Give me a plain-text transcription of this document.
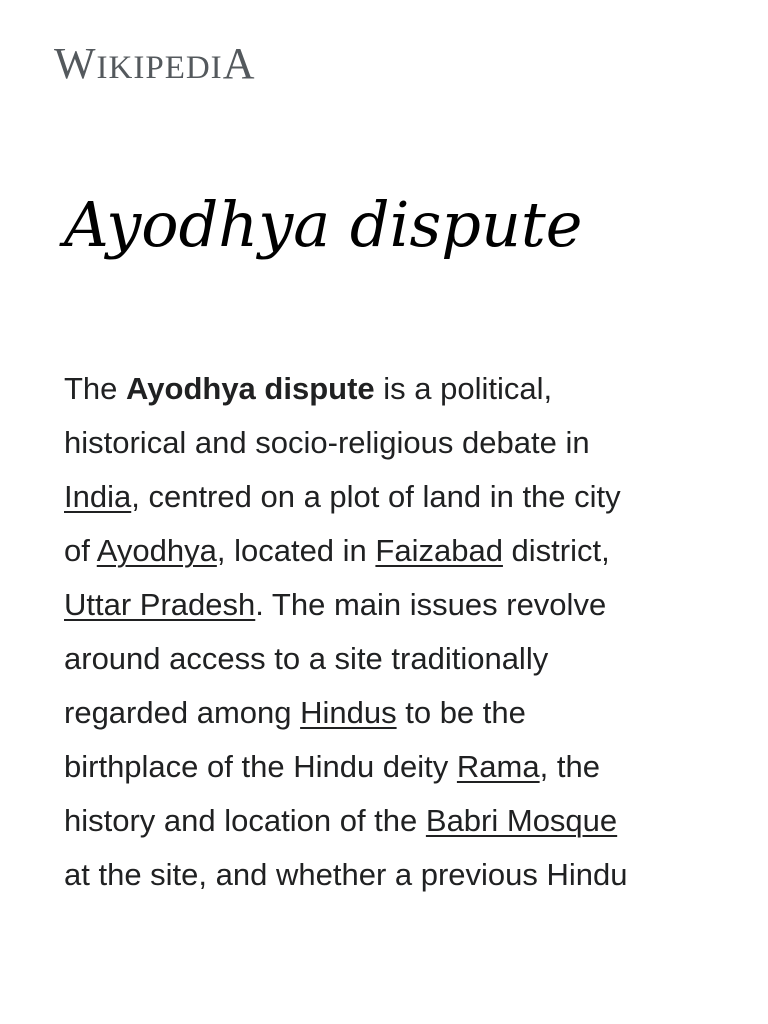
WIKIPEDIA
Ayodhya dispute

The Ayodhya dispute is a political,
historical and socio-religious debate in
India, centred on a plot of land in the city
of Ayodhya, located in Faizabad district,
Uttar Pradesh. The main issues revolve
around access to a site traditionally
regarded among Hindus to be the
birthplace of the Hindu deity Rama, the
history and location of the Babri Mosque
at the site, and whether a previous Hindu
